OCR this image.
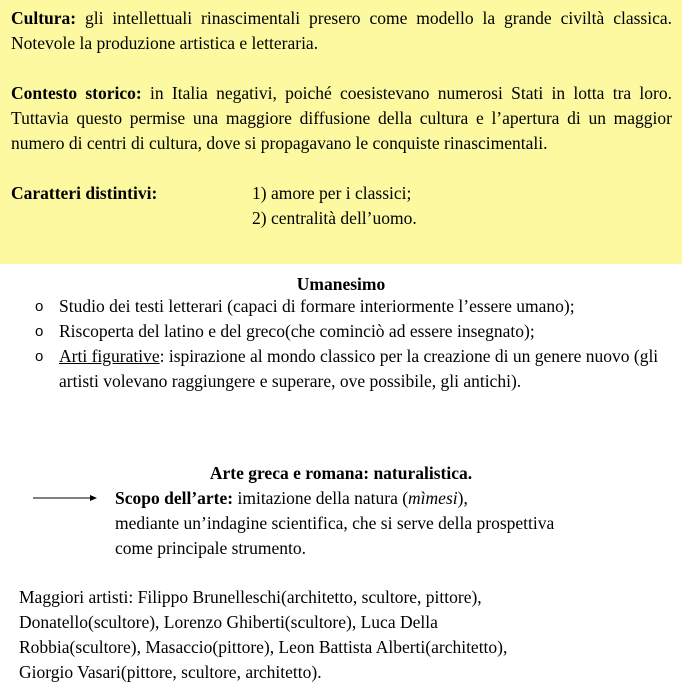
Cultura: gli intellettuali rinascimentali presero come modello la grande civiltà classica. Notevole la produzione artistica e letteraria.

Contesto storico: in Italia negativi, poiché coesistevano numerosi Stati in lotta tra loro. Tuttavia questo permise una maggiore diffusione della cultura e l’apertura di un maggior numero di centri di cultura, dove si propagavano le conquiste rinascimentali.

Caratteri distintivi:	1) amore per i classici;
2) centralità dell’uomo.
Umanesimo
o Studio dei testi letterari (capaci di formare interiormente l’essere umano);
o Riscoperta del latino e del greco(che cominciò ad essere insegnato);
o Arti figurative: ispirazione al mondo classico per la creazione di un genere nuovo (gli artisti volevano raggiungere e superare, ove possibile, gli antichi).
Arte greca e romana: naturalistica.
Scopo dell’arte: imitazione della natura (mìmesi),
mediante un’indagine scientifica, che si serve della prospettiva
come principale strumento.
Maggiori artisti: Filippo Brunelleschi(architetto, scultore, pittore),
Donatello(scultore), Lorenzo Ghiberti(scultore), Luca Della
Robbia(scultore), Masaccio(pittore), Leon Battista Alberti(architetto),
Giorgio Vasari(pittore, scultore, architetto).
